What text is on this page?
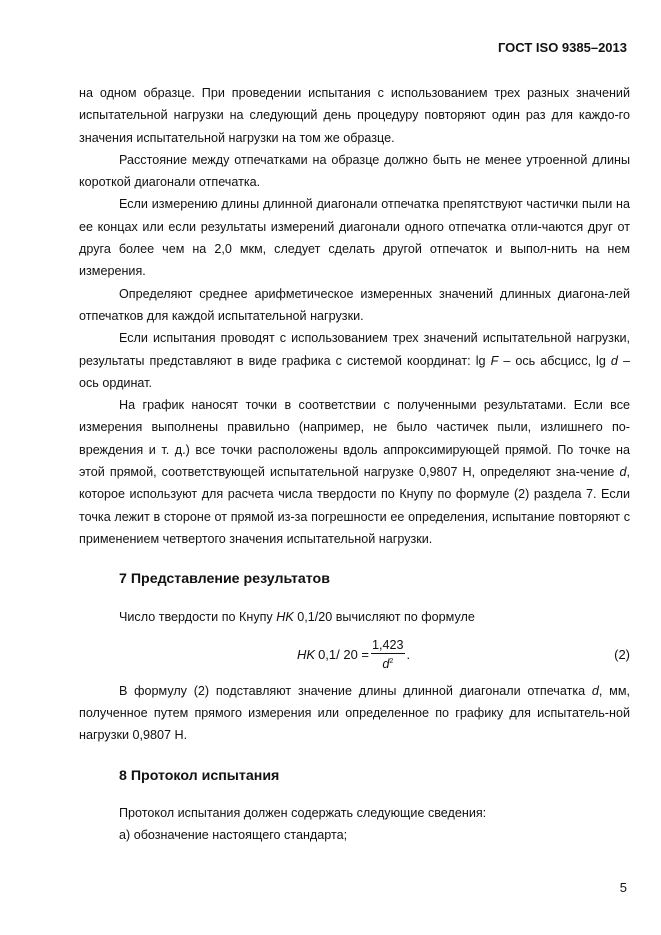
ГОСТ ISO 9385–2013

на одном образце. При проведении испытания с использованием трех разных значений испытательной нагрузки на следующий день процедуру повторяют один раз для каждо-го значения испытательной нагрузки на том же образце.

Расстояние между отпечатками на образце должно быть не менее утроенной длины короткой диагонали отпечатка.

Если измерению длины длинной диагонали отпечатка препятствуют частички пыли на ее концах или если результаты измерений диагонали одного отпечатка отли-чаются друг от друга более чем на 2,0 мкм, следует сделать другой отпечаток и выпол-нить на нем измерения.

Определяют среднее арифметическое измеренных значений длинных диагона-лей отпечатков для каждой испытательной нагрузки.

Если испытания проводят с использованием трех значений испытательной нагрузки, результаты представляют в виде графика с системой координат: lg F – ось абсцисс, lg d – ось ординат.

На график наносят точки в соответствии с полученными результатами. Если все измерения выполнены правильно (например, не было частичек пыли, излишнего по-вреждения и т. д.) все точки расположены вдоль аппроксимирующей прямой. По точке на этой прямой, соответствующей испытательной нагрузке 0,9807 Н, определяют зна-чение d, которое используют для расчета числа твердости по Кнупу по формуле (2) раздела 7. Если точка лежит в стороне от прямой из-за погрешности ее определения, испытание повторяют с применением четвертого значения испытательной нагрузки.

7 Представление результатов

Число твердости по Кнупу HK 0,1/20 вычисляют по формуле

HK 0,1/ $20 = \frac{1,423}{d^2}$ .	(2)

В формулу (2) подставляют значение длины длинной диагонали отпечатка d, мм, полученное путем прямого измерения или определенное по графику для испытатель-ной нагрузки 0,9807 Н.

8 Протокол испытания

Протокол испытания должен содержать следующие сведения:

а) обозначение настоящего стандарта;

5
